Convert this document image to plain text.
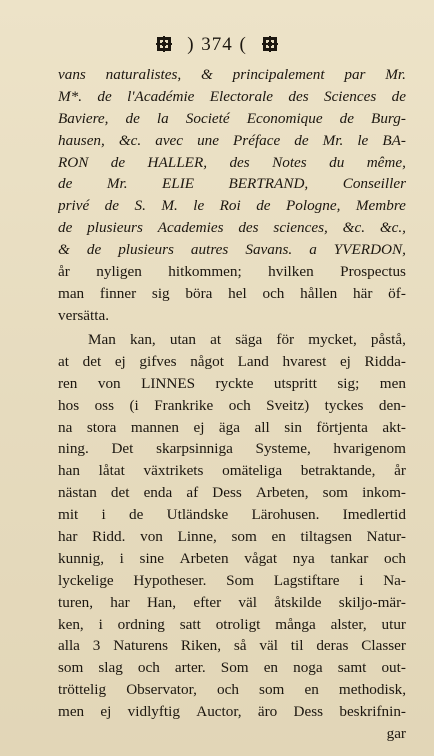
) 374 (
vans naturalistes, & principalement par Mr.
M*. de l'Académie Electorale des Sciences de
Baviere, de la Societé Economique de Burg-
hausen, &c. avec une Préface de Mr. le BA-
RON de HALLER, des Notes du même,
de Mr. ELIE BERTRAND, Conseiller
privé de S. M. le Roi de Pologne, Membre
de plusieurs Academies des sciences, &c. &c.,
& de plusieurs autres Savans. a YVERDON,
år nyligen hitkommen; hvilken Prospectus
man finner sig böra hel och hållen här öf-
versätta.
Man kan, utan at säga för mycket, påstå,
at det ej gifves något Land hvarest ej Ridda-
ren von LINNES ryckte utspritt sig; men
hos oss (i Frankrike och Sveitz) tyckes den-
na stora mannen ej äga all sin förtjenta akt-
ning. Det skarpsinniga Systeme, hvarigenom
han låtat växtrikets omäteliga betraktande, år
nästan det enda af Dess Arbeten, som inkom-
mit i de Utländske Lärohusen. Imedlertid
har Ridd. von Linne, som en tiltagsen Natur-
kunnig, i sine Arbeten vågat nya tankar och
lyckelige Hypotheser. Som Lagstiftare i Na-
turen, har Han, efter väl åtskilde skiljo-mär-
ken, i ordning satt otroligt många alster, utur
alla 3 Naturens Riken, så väl til deras Classer
som slag och arter. Som en noga samt out-
tröttelig Observator, och som en methodisk,
men ej vidlyftig Auctor, äro Dess beskrifnin-
gar
